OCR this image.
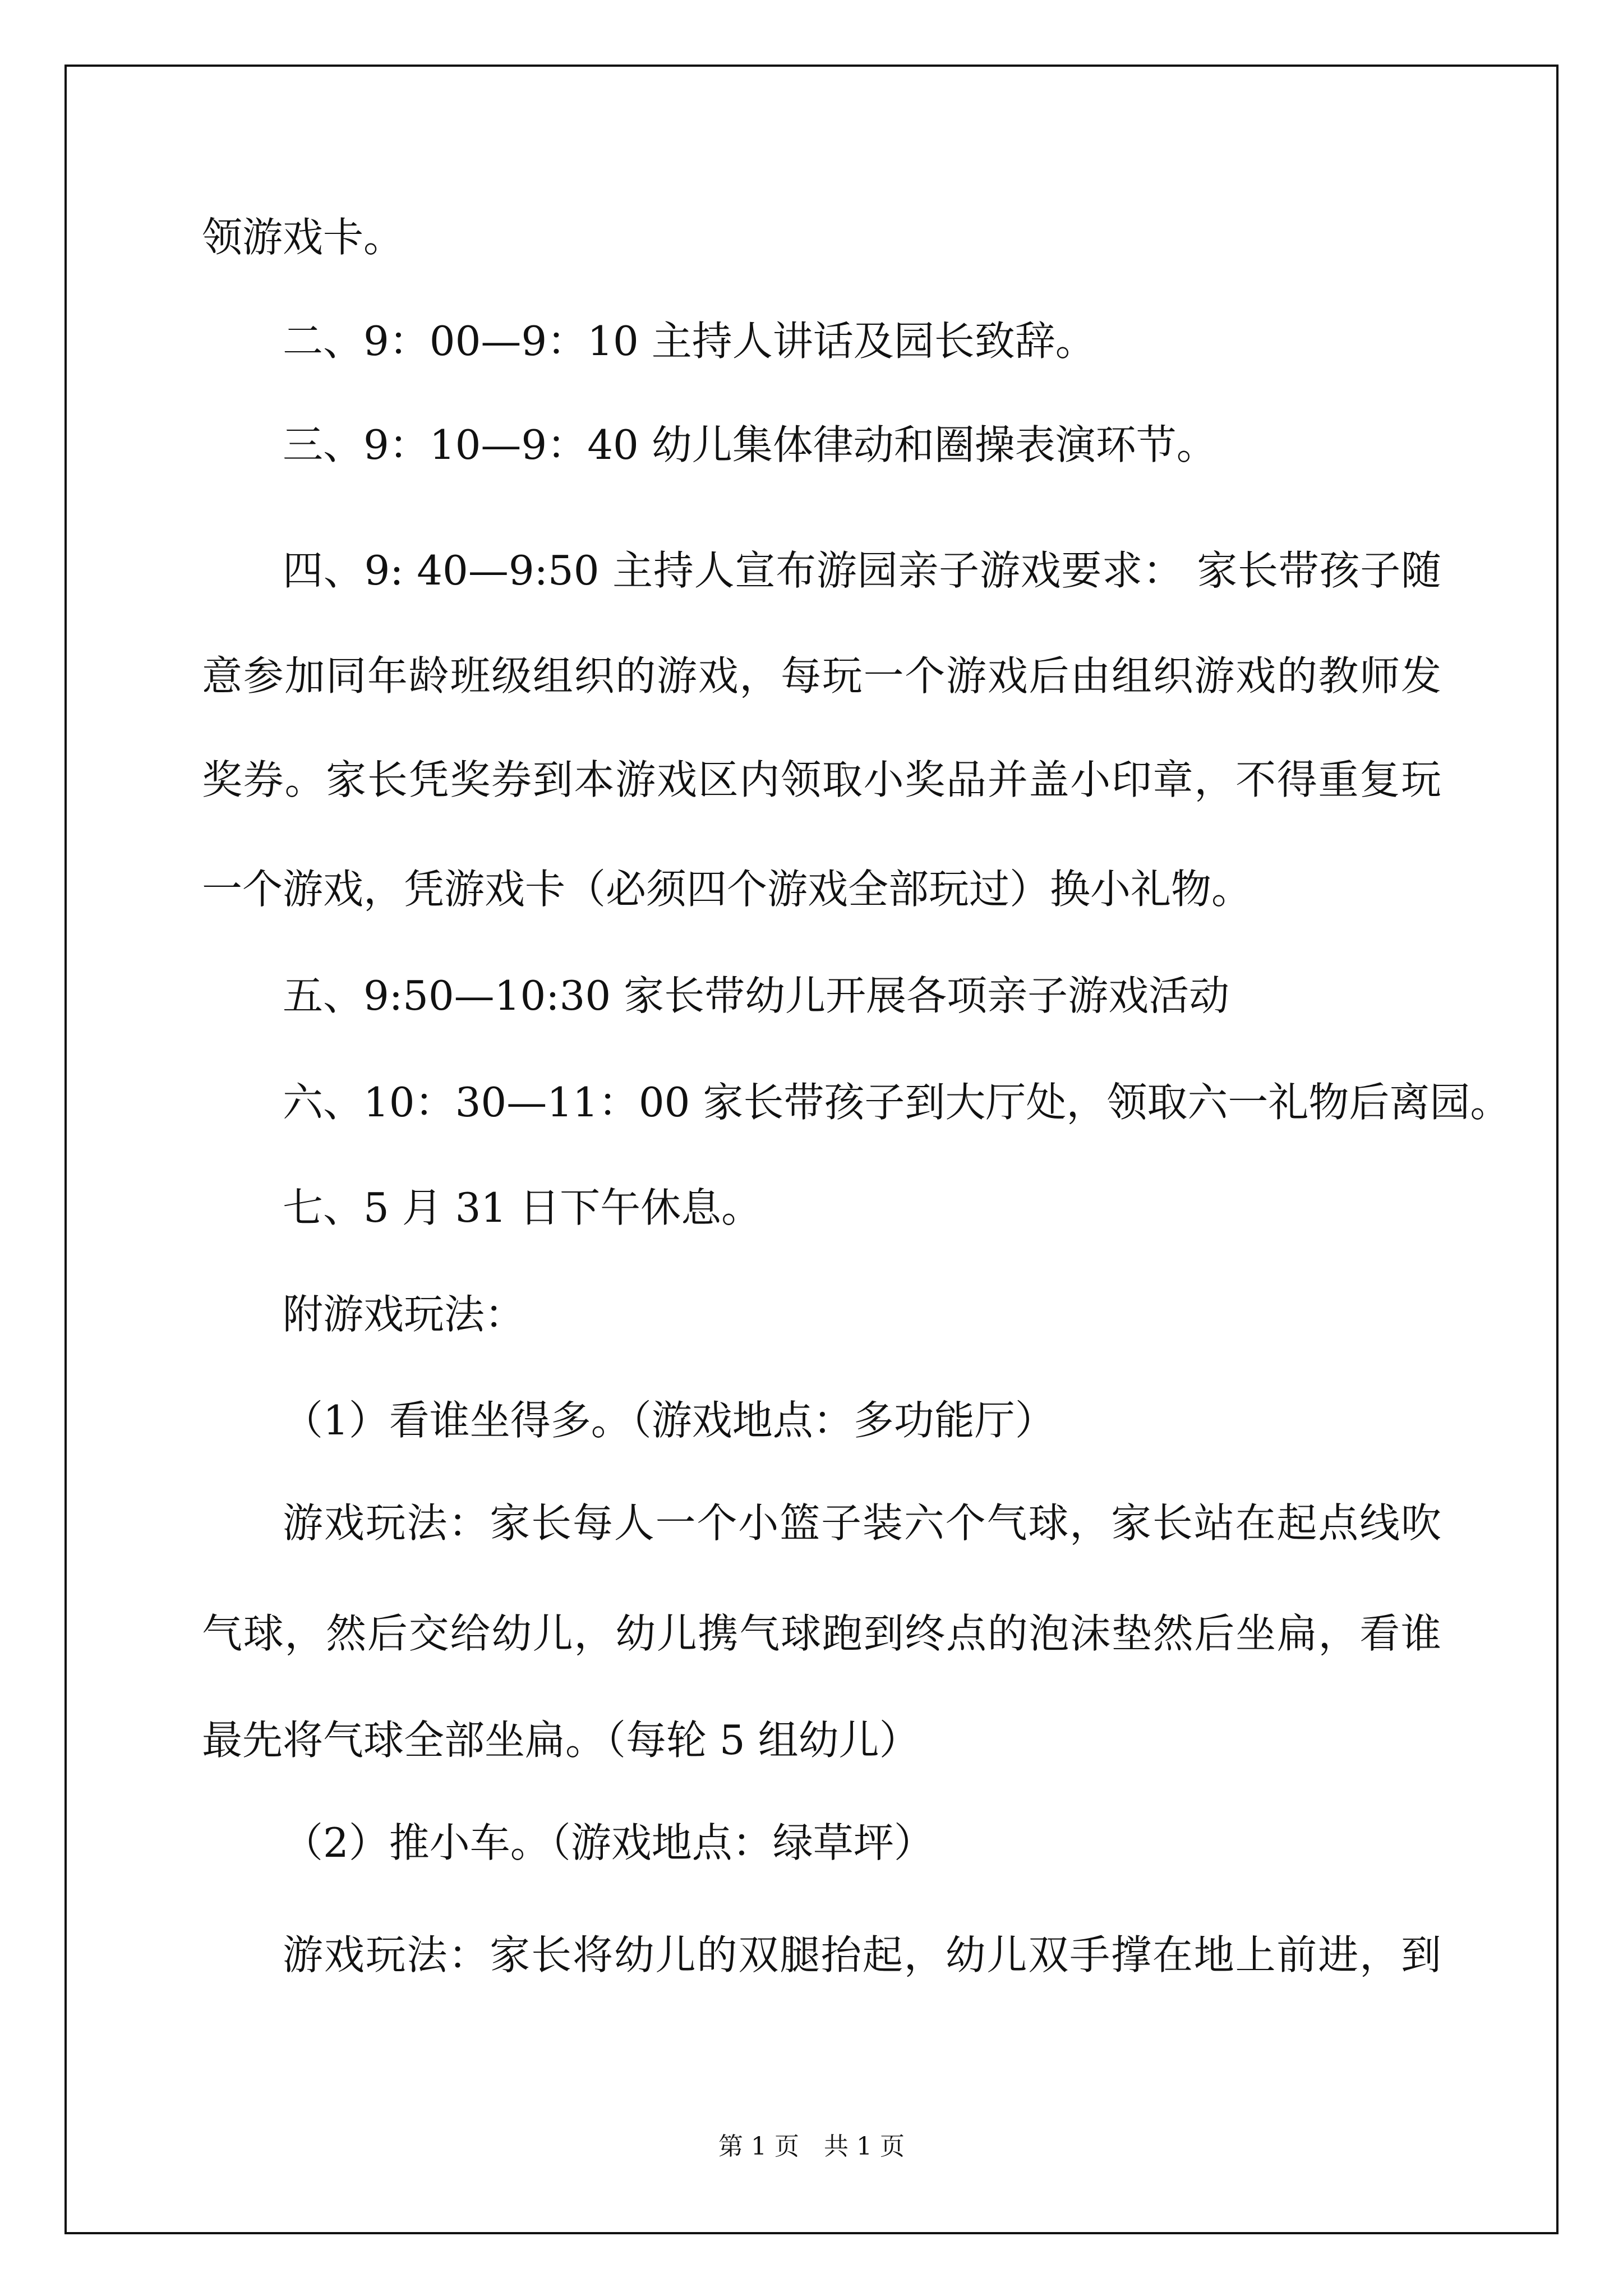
领游戏卡。
二、9：00—9：10 主持人讲话及园长致辞。
三、9：10—9：40 幼儿集体律动和圈操表演环节。
四、9: 40—9:50 主持人宣布游园亲子游戏要求： 家长带孩子随
意参加同年龄班级组织的游戏，每玩一个游戏后由组织游戏的教师发
奖券。家长凭奖券到本游戏区内领取小奖品并盖小印章，不得重复玩
一个游戏，凭游戏卡（必须四个游戏全部玩过）换小礼物。
五、9:50—10:30 家长带幼儿开展各项亲子游戏活动
六、10：30—11：00 家长带孩子到大厅处，领取六一礼物后离园。
七、5 月 31 日下午休息。
附游戏玩法：
（1）看谁坐得多。（游戏地点：多功能厅）
游戏玩法：家长每人一个小篮子装六个气球，家长站在起点线吹
气球，然后交给幼儿，幼儿携气球跑到终点的泡沫垫然后坐扁，看谁
最先将气球全部坐扁。（每轮 5 组幼儿）
（2）推小车。（游戏地点：绿草坪）
游戏玩法：家长将幼儿的双腿抬起，幼儿双手撑在地上前进，到
第 1 页　共 1 页
